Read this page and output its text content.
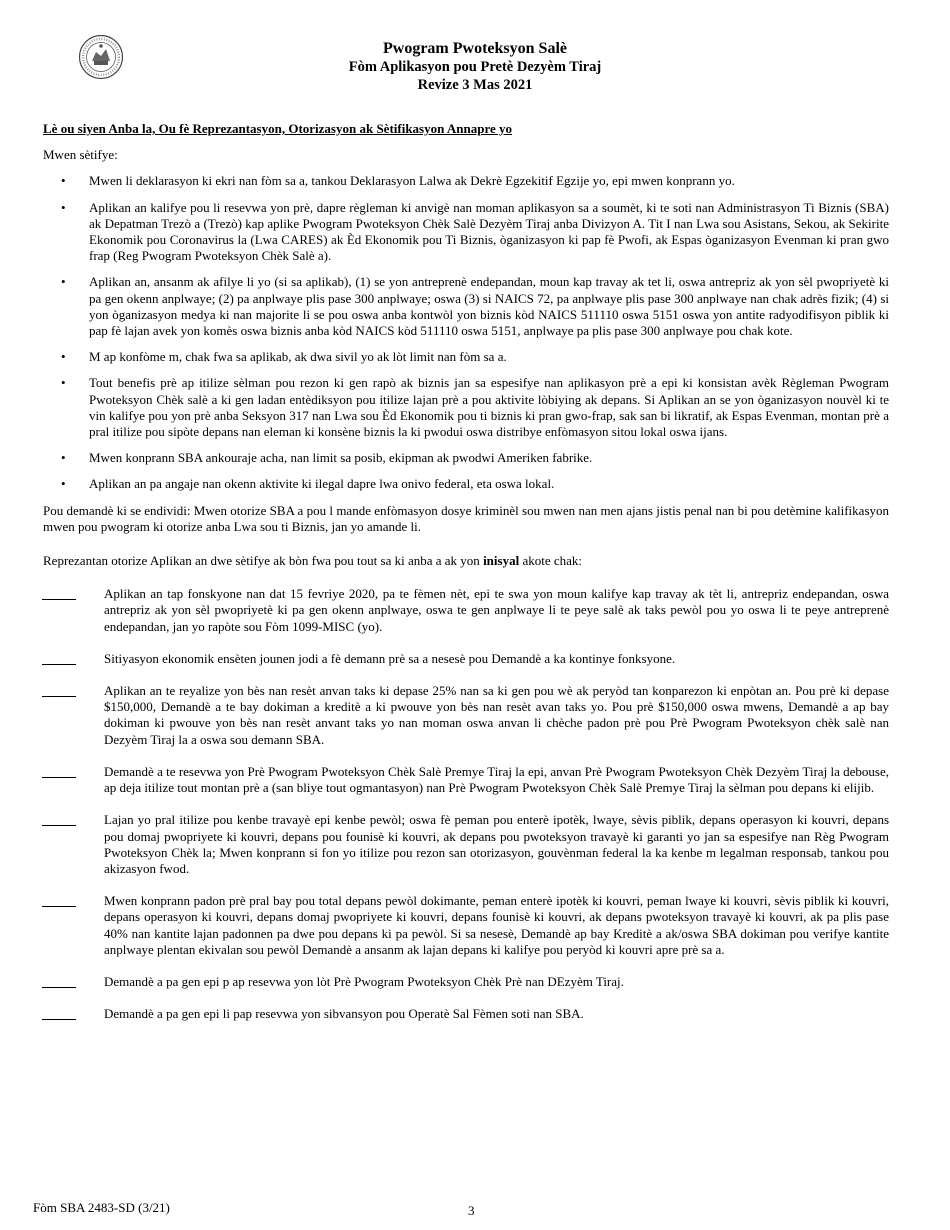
Pwogram Pwoteksyon Salè
Fòm Aplikasyon pou Pretè Dezyèm Tiraj
Revize 3 Mas 2021
Lè ou siyen Anba la, Ou fè Reprezantasyon, Otorizasyon ak Sètifikasyon Annapre yo
Mwen sètifye:
• Mwen li deklarasyon ki ekri nan fòm sa a, tankou Deklarasyon Lalwa ak Dekrè Egzekitif Egzije yo, epi mwen konprann yo.
• Aplikan an kalifye pou li resevwa yon prè, dapre règleman ki anvigè nan moman aplikasyon sa a soumèt, ki te soti nan Administrasyon Ti Biznis (SBA) ak Depatman Trezò a (Trezò) kap aplike Pwogram Pwoteksyon Chèk Salè Dezyèm Tiraj anba Divizyon A. Tit I nan Lwa sou Asistans, Sekou, ak Sekirite Ekonomik pou Coronavirus la (Lwa CARES) ak Èd Ekonomik pou Ti Biznis, òganizasyon ki pap fè Pwofi, ak Espas òganizasyon Evenman ki pran gwo frap (Reg Pwogram Pwoteksyon Chèk Salè a).
• Aplikan an, ansanm ak afilye li yo (si sa aplikab), (1) se yon antreprenè endepandan, moun kap travay ak tet li, oswa antrepriz ak yon sèl pwopriyetè ki pa gen okenn anplwaye; (2) pa anplwaye plis pase 300 anplwaye; oswa (3) si NAICS 72, pa anplwaye plis pase 300 anplwaye nan chak adrès fizik; (4) si yon òganizasyon medya ki nan majorite li se pou oswa anba kontwòl yon biznis kòd NAICS 511110 oswa 5151 oswa yon antite radyodifisyon piblik ki pap fè lajan avek yon komès oswa biznis anba kòd NAICS kòd 511110 oswa 5151, anplwaye pa plis pase 300 anplwaye pou chak kote.
• M ap konfòme m, chak fwa sa aplikab, ak dwa sivil yo ak lòt limit nan fòm sa a.
• Tout benefis prè ap itilize sèlman pou rezon ki gen rapò ak biznis jan sa espesifye nan aplikasyon prè a epi ki konsistan avèk Règleman Pwogram Pwoteksyon Chèk salè a ki gen ladan entèdiksyon pou itilize lajan prè a pou aktivite lòbiying ak depans. Si Aplikan an se yon òganizasyon nouvèl ki te vin kalifye pou yon prè anba Seksyon 317 nan Lwa sou Èd Ekonomik pou ti biznis ki pran gwo-frap, sak san bi likratif, ak Espas Evenman, montan prè a pral itilize pou sipòte depans nan eleman ki konsène biznis la ki pwodui oswa distribye enfòmasyon sitou lokal oswa ijans.
• Mwen konprann SBA ankouraje acha, nan limit sa posib, ekipman ak pwodwi Ameriken fabrike.
• Aplikan an pa angaje nan okenn aktivite ki ilegal dapre lwa onivo federal, eta oswa lokal.
Pou demandè ki se endividi: Mwen otorize SBA a pou l mande enfòmasyon dosye kriminèl sou mwen nan men ajans jistis penal nan bi pou detèmine kalifikasyon mwen pou pwogram ki otorize anba Lwa sou ti Biznis, jan yo amande li.
Reprezantan otorize Aplikan an dwe sètifye ak bòn fwa pou tout sa ki anba a ak yon inisyal akote chak:
Aplikan an tap fonskyone nan dat 15 fevriye 2020, pa te fèmen nèt, epi te swa yon moun kalifye kap travay ak tèt li, antrepriz endepandan, oswa antrepriz ak yon sèl pwopriyetè ki pa gen okenn anplwaye, oswa te gen anplwaye li te peye salè ak taks pewòl pou yo oswa li te peye antreprenè endepandan, jan yo rapòte sou Fòm 1099-MISC (yo).
Sitiyasyon ekonomik ensèten jounen jodi a fè demann prè sa a nesesè pou Demandè a ka kontinye fonksyone.
Aplikan an te reyalize yon bès nan resèt anvan taks ki depase 25% nan sa ki gen pou wè ak peryòd tan konparezon ki enpòtan an. Pou prè ki depase $150,000, Demandè a te bay dokiman a kreditè a ki pwouve yon bès nan resèt avan taks yo. Pou prè $150,000 oswa mwens, Demandè a ap bay dokiman ki pwouve yon bès nan resèt anvant taks yo nan moman oswa anvan li chèche padon prè pou Prè Pwogram Pwoteksyon chèk salè nan Dezyèm Tiraj la a oswa sou demann SBA.
Demandè a te resevwa yon Prè Pwogram Pwoteksyon Chèk Salè Premye Tiraj la epi, anvan Prè Pwogram Pwoteksyon Chèk Dezyèm Tiraj la debouse, ap deja itilize tout montan prè a (san bliye tout ogmantasyon) nan Prè Pwogram Pwoteksyon Chèk Salè Premye Tiraj la sèlman pou depans ki elijib.
Lajan yo pral itilize pou kenbe travayè epi kenbe pewòl; oswa fè peman pou enterè ipotèk, lwaye, sèvis piblik, depans operasyon ki kouvri, depans pou domaj pwopriyete ki kouvri, depans pou founisè ki kouvri, ak depans pou pwoteksyon travayè ki garanti yo jan sa espesifye nan Règ Pwogram Pwoteksyon Chèk la; Mwen konprann si fon yo itilize pou rezon san otorizasyon, gouvènman federal la ka kenbe m legalman responsab, tankou pou akizasyon fwod.
Mwen konprann padon prè pral bay pou total depans pewòl dokimante, peman enterè ipotèk ki kouvri, peman lwaye ki kouvri, sèvis piblik ki kouvri, depans operasyon ki kouvri, depans domaj pwopriyete ki kouvri, depans founisè ki kouvri, ak depans pwoteksyon travayè ki kouvri, ak pa plis pase 40% nan kantite lajan padonnen pa dwe pou depans ki pa pewòl. Si sa nesesè, Demandè ap bay Kreditè a ak/oswa SBA dokiman pou verifye kantite anplwaye plentan ekivalan sou pewòl Demandè a ansanm ak lajan depans ki kalifye pou peryòd ki kouvri apre prè sa a.
Demandè a pa gen epi p ap resevwa yon lòt Prè Pwogram Pwoteksyon Chèk Prè nan DEzyèm Tiraj.
Demandè a pa gen epi li pap resevwa yon sibvansyon pou Operatè Sal Fèmen soti nan SBA.
Fòm SBA 2483-SD (3/21)	3
